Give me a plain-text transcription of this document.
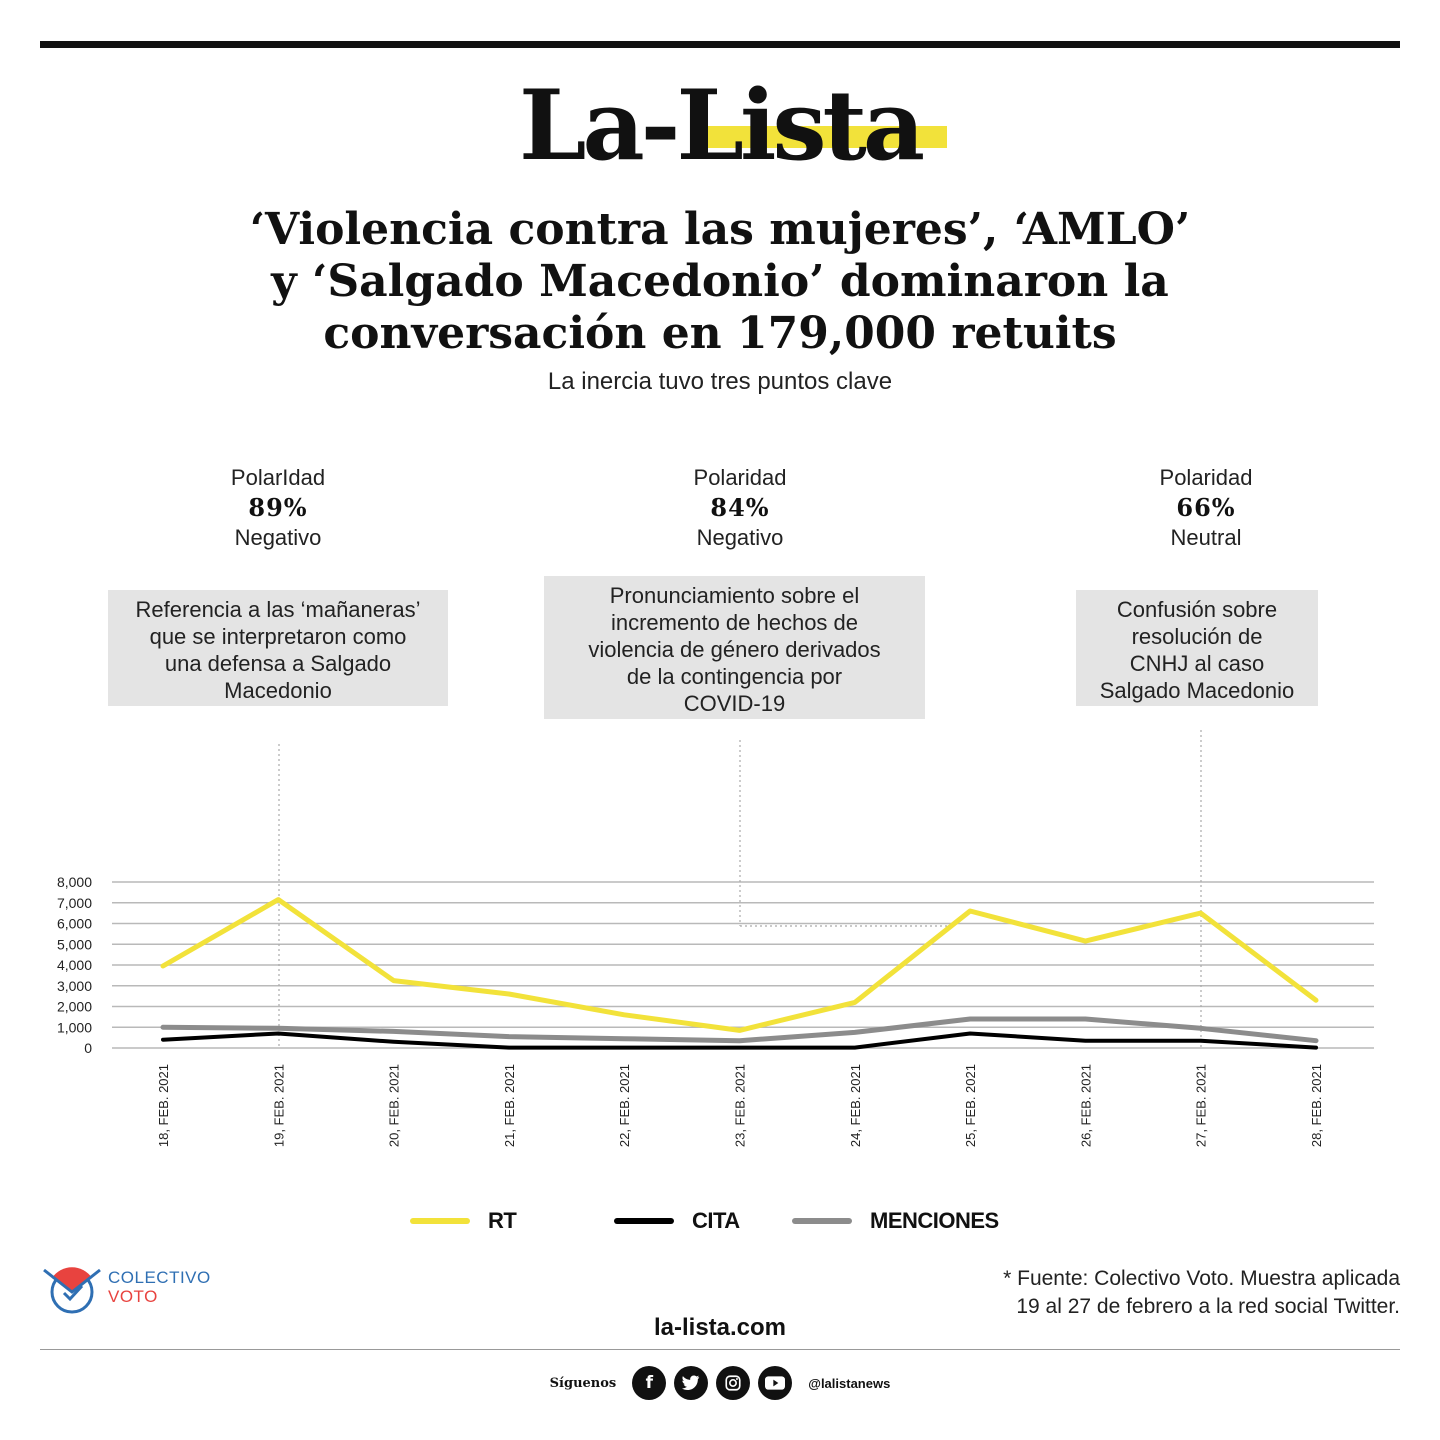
La-Lista
‘Violencia contra las mujeres’, ‘AMLO’
y ‘Salgado Macedonio’ dominaron la
conversación en 179,000 retuits
La inercia tuvo tres puntos clave
PolarIdad
89%
Negativo
Polaridad
84%
Negativo
Polaridad
66%
Neutral
Referencia a las ‘mañaneras’
que se interpretaron como
una defensa a Salgado
Macedonio
Pronunciamiento sobre el
incremento de hechos de
violencia de género derivados
de la contingencia por
COVID-19
Confusión sobre
resolución de
CNHJ al caso
Salgado Macedonio
8,000
7,000
6,000
5,000
4,000
3,000
2,000
1,000
0
18, FEB. 2021	19, FEB. 2021	20, FEB. 2021	21, FEB. 2021	22, FEB. 2021	23, FEB. 2021	24, FEB. 2021	25, FEB. 2021	26, FEB. 2021	27, FEB. 2021	28, FEB. 2021
RT	CITA	MENCIONES
COLECTIVO
VOTO
* Fuente: Colectivo Voto. Muestra aplicada
19 al 27 de febrero a la red social Twitter.
la-lista.com
Síguenos	f	@lalistanews
